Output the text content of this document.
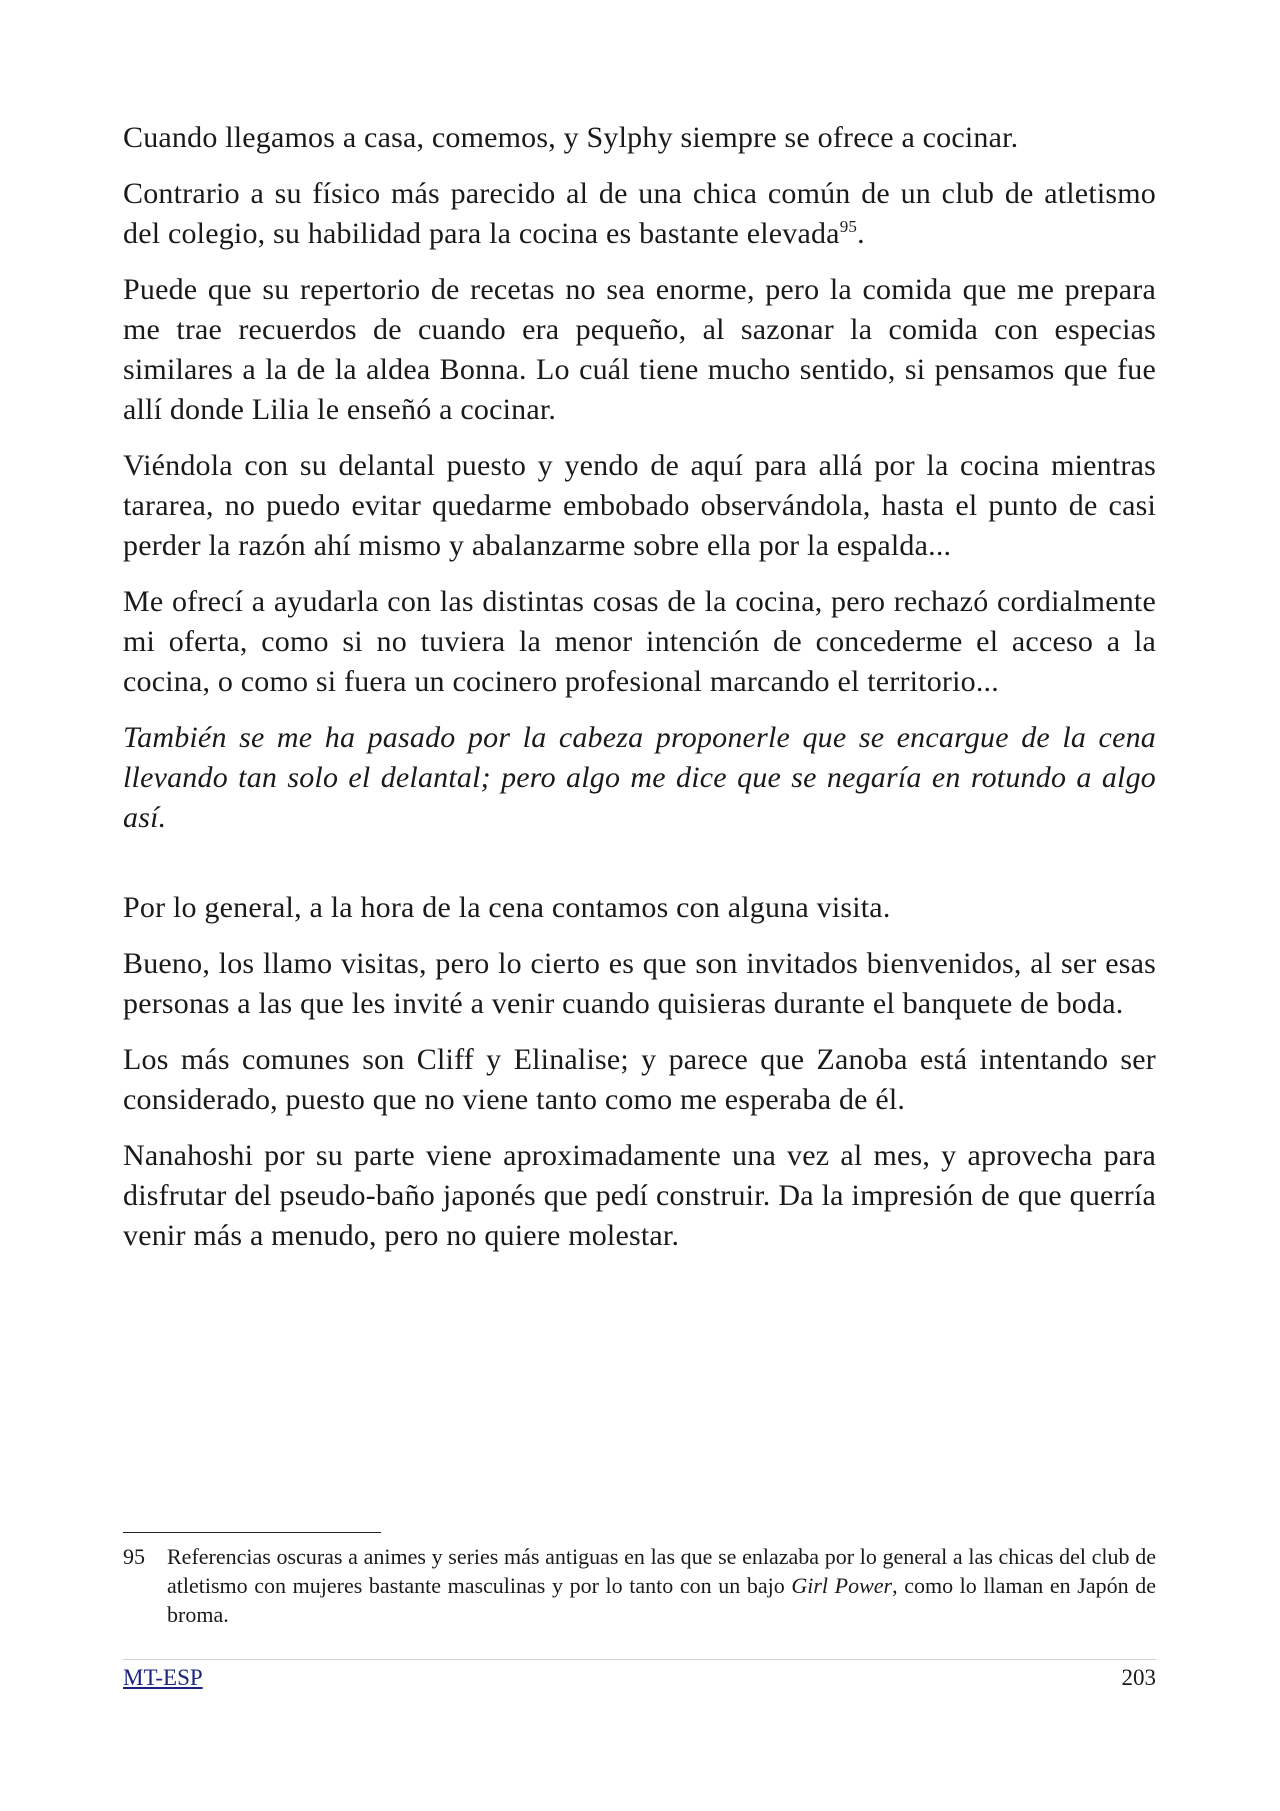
Cuando llegamos a casa, comemos, y Sylphy siempre se ofrece a cocinar.

Contrario a su físico más parecido al de una chica común de un club de atletismo del colegio, su habilidad para la cocina es bastante elevada$^{95}$.

Puede que su repertorio de recetas no sea enorme, pero la comida que me prepara me trae recuerdos de cuando era pequeño, al sazonar la comida con especias similares a la de la aldea Bonna. Lo cuál tiene mucho sentido, si pensamos que fue allí donde Lilia le enseñó a cocinar.

Viéndola con su delantal puesto y yendo de aquí para allá por la cocina mientras tararea, no puedo evitar quedarme embobado observándola, hasta el punto de casi perder la razón ahí mismo y abalanzarme sobre ella por la espalda...

Me ofrecí a ayudarla con las distintas cosas de la cocina, pero rechazó cordialmente mi oferta, como si no tuviera la menor intención de concederme el acceso a la cocina, o como si fuera un cocinero profesional marcando el territorio...

También se me ha pasado por la cabeza proponerle que se encargue de la cena llevando tan solo el delantal; pero algo me dice que se negaría en rotundo a algo así.

Por lo general, a la hora de la cena contamos con alguna visita.

Bueno, los llamo visitas, pero lo cierto es que son invitados bienvenidos, al ser esas personas a las que les invité a venir cuando quisieras durante el banquete de boda.

Los más comunes son Cliff y Elinalise; y parece que Zanoba está intentando ser considerado, puesto que no viene tanto como me esperaba de él.

Nanahoshi por su parte viene aproximadamente una vez al mes, y aprovecha para disfrutar del pseudo-baño japonés que pedí construir. Da la impresión de que querría venir más a menudo, pero no quiere molestar.

95 Referencias oscuras a animes y series más antiguas en las que se enlazaba por lo general a las chicas del club de atletismo con mujeres bastante masculinas y por lo tanto con un bajo Girl Power, como lo llaman en Japón de broma.
MT-ESP	203
